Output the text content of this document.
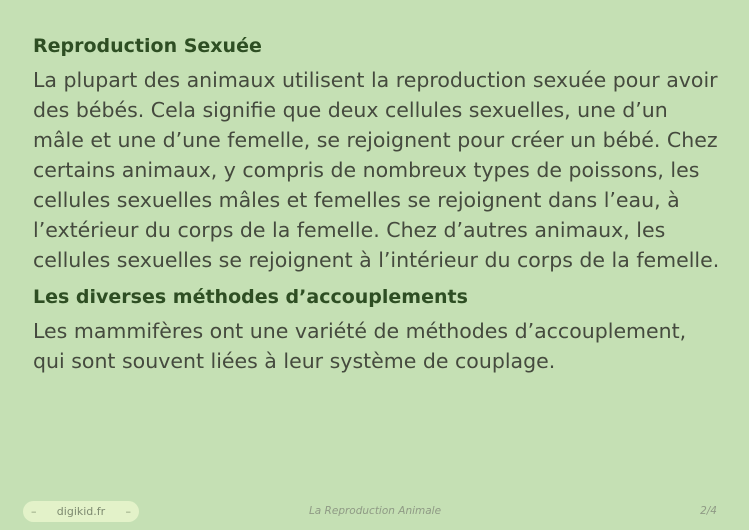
Reproduction Sexuée

La plupart des animaux utilisent la reproduction sexuée pour avoir des bébés. Cela signifie que deux cellules sexuelles, une d’un mâle et une d’une femelle, se rejoignent pour créer un bébé. Chez certains animaux, y compris de nombreux types de poissons, les cellules sexuelles mâles et femelles se rejoignent dans l’eau, à l’extérieur du corps de la femelle. Chez d’autres animaux, les cellules sexuelles se rejoignent à l’intérieur du corps de la femelle.

Les diverses méthodes d’accouplements

Les mammifères ont une variété de méthodes d’accouplement, qui sont souvent liées à leur système de couplage.

– digikid.fr –	La Reproduction Animale	2/4
